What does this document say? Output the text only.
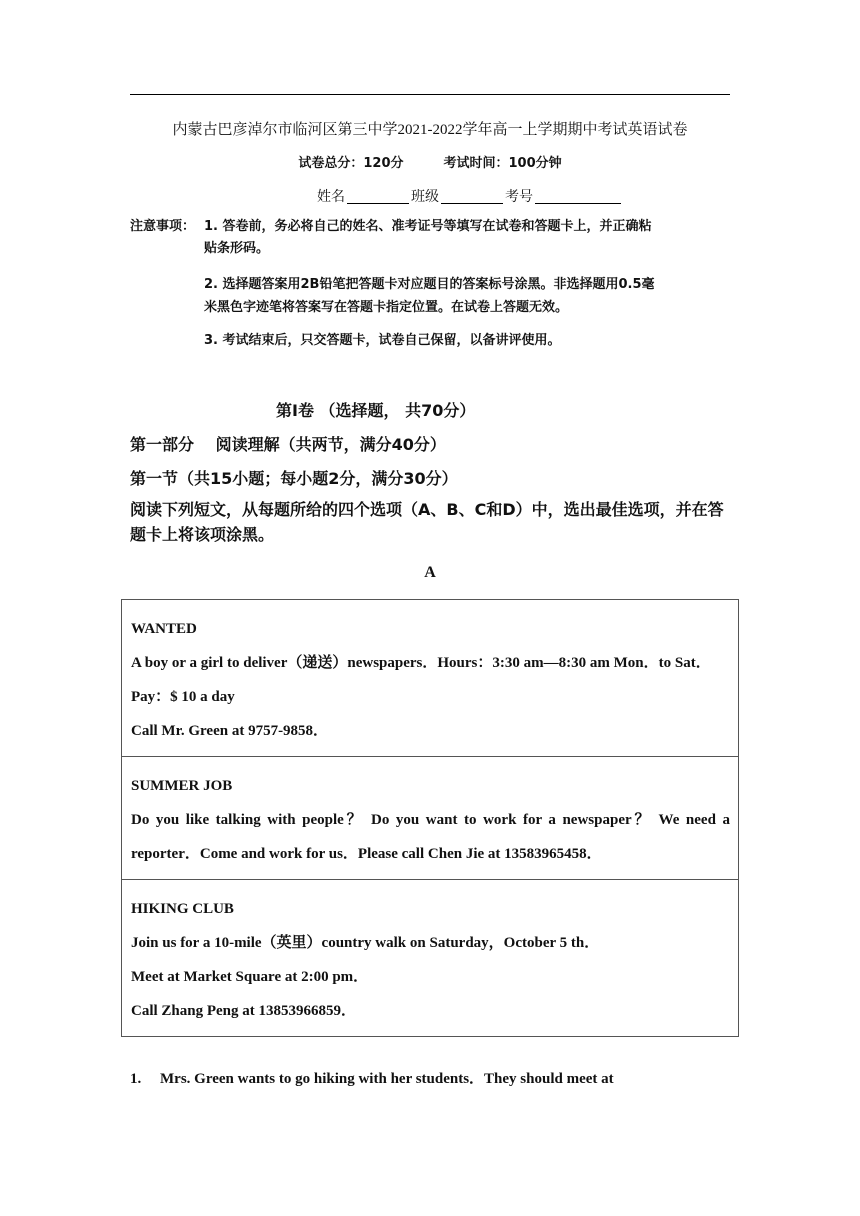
内蒙古巴彦淖尔市临河区第三中学2021-2022学年高一上学期期中考试英语试卷
试卷总分：120分	考试时间：100分钟
姓名	班级	考号
注意事项： 1. 答卷前，务必将自己的姓名、准考证号等填写在试卷和答题卡上，并正确粘
贴条形码。
2. 选择题答案用2B铅笔把答题卡对应题目的答案标号涂黑。非选择题用0.5毫
米黑色字迹笔将答案写在答题卡指定位置。在试卷上答题无效。
3. 考试结束后，只交答题卡，试卷自己保留，以备讲评使用。
第Ⅰ卷 （选择题， 共70分）
第一部分　 阅读理解（共两节，满分40分）
第一节（共15小题；每小题2分，满分30分）
阅读下列短文，从每题所给的四个选项（A、B、C和D）中，选出最佳选项，并在答题卡上将该项涂黑。
A

WANTED

A boy or a girl to deliver（递送）newspapers．Hours：3:30 am—8:30 am Mon．to Sat．

Pay：$ 10 a day

Call Mr. Green at 9757-9858．

SUMMER JOB

Do you like talking with people？ Do you want to work for a newspaper？ We need a reporter．Come and work for us．Please call Chen Jie at 13583965458．

HIKING CLUB

Join us for a 10-mile（英里）country walk on Saturday，October 5 th．

Meet at Market Square at 2:00 pm．

Call Zhang Peng at 13853966859．

1. Mrs. Green wants to go hiking with her students．They should meet at
